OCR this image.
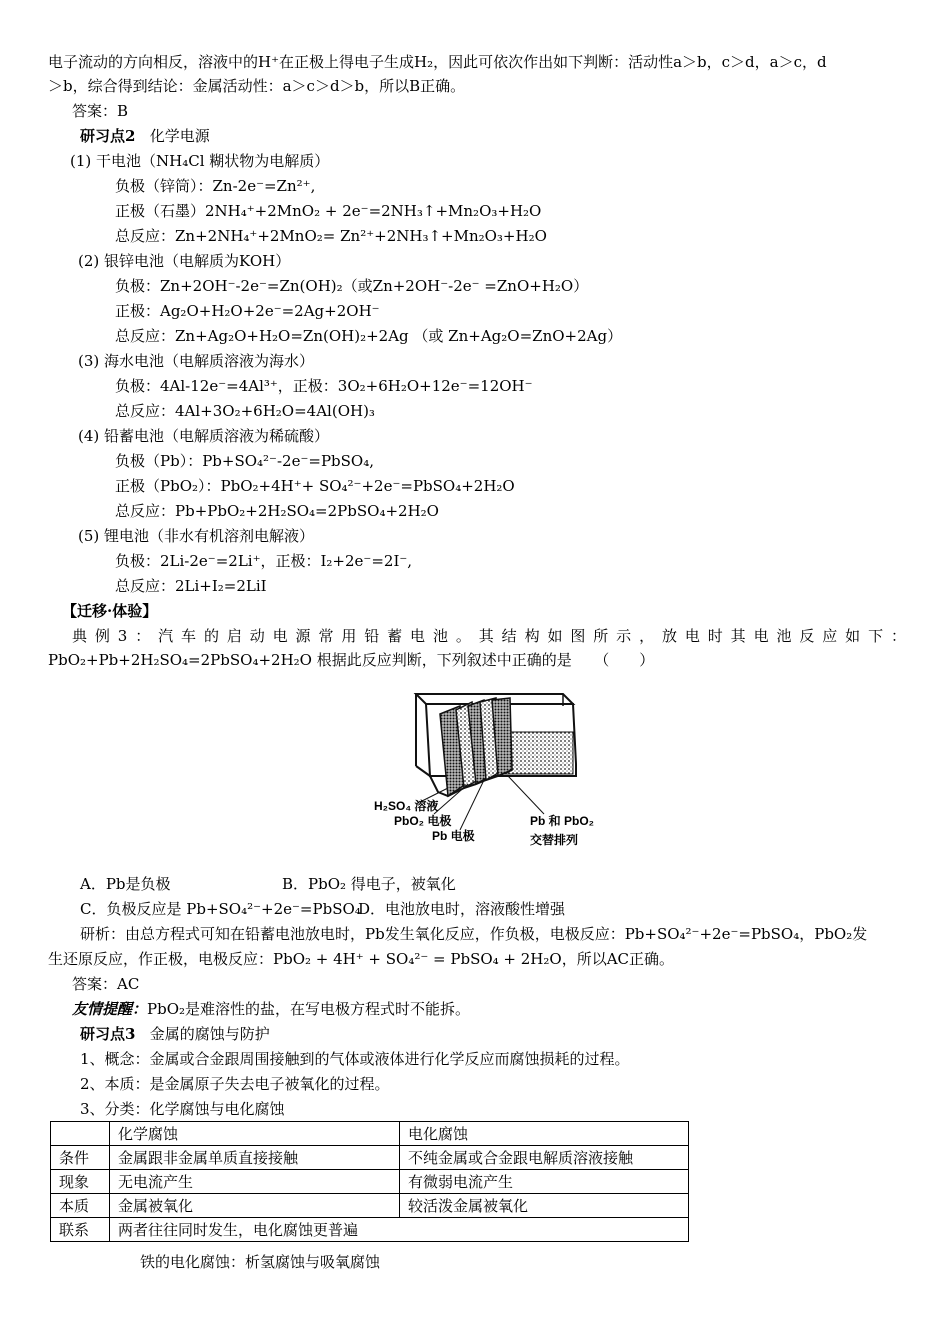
电子流动的方向相反，溶液中的H⁺在正极上得电子生成H₂，因此可依次作出如下判断：活动性a＞b，c＞d，a＞c，d
＞b，综合得到结论：金属活动性：a＞c＞d＞b，所以B正确。
答案：B
研习点2 化学电源
(1) 干电池（NH₄Cl 糊状物为电解质）
负极（锌筒）：Zn-2e⁻=Zn²⁺,
正极（石墨）2NH₄⁺+2MnO₂ + 2e⁻=2NH₃↑+Mn₂O₃+H₂O
总反应：Zn+2NH₄⁺+2MnO₂= Zn²⁺+2NH₃↑+Mn₂O₃+H₂O
(2) 银锌电池（电解质为KOH）
负极：Zn+2OH⁻-2e⁻=Zn(OH)₂（或Zn+2OH⁻-2e⁻ =ZnO+H₂O）
正极：Ag₂O+H₂O+2e⁻=2Ag+2OH⁻
总反应：Zn+Ag₂O+H₂O=Zn(OH)₂+2Ag （或 Zn+Ag₂O=ZnO+2Ag）
(3) 海水电池（电解质溶液为海水）
负极：4Al-12e⁻=4Al³⁺，正极：3O₂+6H₂O+12e⁻=12OH⁻
总反应：4Al+3O₂+6H₂O=4Al(OH)₃
(4) 铅蓄电池（电解质溶液为稀硫酸）
负极（Pb）：Pb+SO₄²⁻-2e⁻=PbSO₄,
正极（PbO₂）：PbO₂+4H⁺+ SO₄²⁻+2e⁻=PbSO₄+2H₂O
总反应：Pb+PbO₂+2H₂SO₄=2PbSO₄+2H₂O
(5) 锂电池（非水有机溶剂电解液）
负极：2Li-2e⁻=2Li⁺，正极：I₂+2e⁻=2I⁻,
总反应：2Li+I₂=2LiI
【迁移·体验】
典例3：汽车的启动电源常用铅蓄电池。其结构如图所示，放电时其电池反应如下：
PbO₂+Pb+2H₂SO₄=2PbSO₄+2H₂O 根据此反应判断，下列叙述中正确的是　　（　　）
H₂SO₄ 溶液
PbO₂ 电极
Pb 电极
Pb 和 PbO₂
交替排列
A．Pb是负极	B．PbO₂ 得电子，被氧化
C．负极反应是 Pb+SO₄²⁻+2e⁻=PbSO₄
D．电池放电时，溶液酸性增强
研析：由总方程式可知在铅蓄电池放电时，Pb发生氧化反应，作负极，电极反应：Pb+SO₄²⁻+2e⁻=PbSO₄，PbO₂发
生还原反应，作正极，电极反应：PbO₂ + 4H⁺ + SO₄²⁻ = PbSO₄ + 2H₂O，所以AC正确。
答案：AC
友情提醒：PbO₂是难溶性的盐，在写电极方程式时不能拆。
研习点3 金属的腐蚀与防护
1、概念：金属或合金跟周围接触到的气体或液体进行化学反应而腐蚀损耗的过程。
2、本质：是金属原子失去电子被氧化的过程。
3、分类：化学腐蚀与电化腐蚀
	化学腐蚀	电化腐蚀
条件	金属跟非金属单质直接接触	不纯金属或合金跟电解质溶液接触
现象	无电流产生	有微弱电流产生
本质	金属被氧化	较活泼金属被氧化
联系	两者往往同时发生，电化腐蚀更普遍	
铁的电化腐蚀：析氢腐蚀与吸氧腐蚀
